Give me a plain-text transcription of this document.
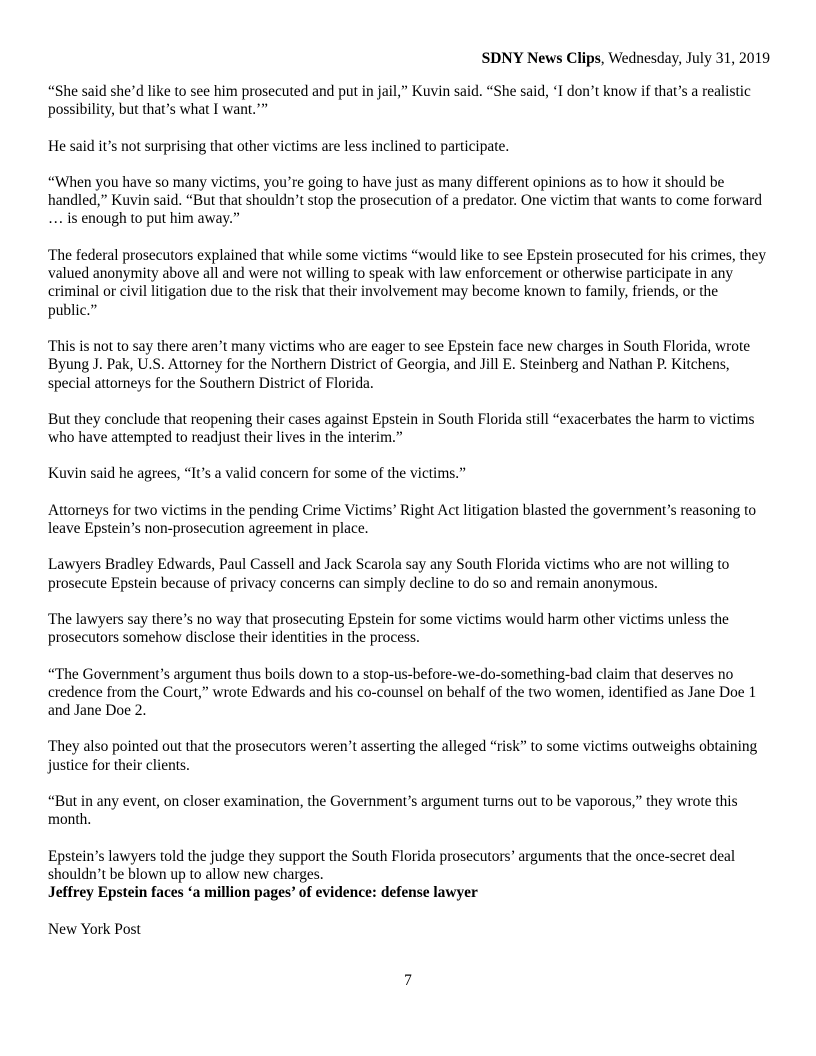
SDNY News Clips, Wednesday, July 31, 2019

“She said she’d like to see him prosecuted and put in jail,” Kuvin said. “She said, ‘I don’t know if that’s a realistic possibility, but that’s what I want.’”

He said it’s not surprising that other victims are less inclined to participate.

“When you have so many victims, you’re going to have just as many different opinions as to how it should be handled,” Kuvin said. “But that shouldn’t stop the prosecution of a predator. One victim that wants to come forward … is enough to put him away.”

The federal prosecutors explained that while some victims “would like to see Epstein prosecuted for his crimes, they valued anonymity above all and were not willing to speak with law enforcement or otherwise participate in any criminal or civil litigation due to the risk that their involvement may become known to family, friends, or the public.”

This is not to say there aren’t many victims who are eager to see Epstein face new charges in South Florida, wrote Byung J. Pak, U.S. Attorney for the Northern District of Georgia, and Jill E. Steinberg and Nathan P. Kitchens, special attorneys for the Southern District of Florida.

But they conclude that reopening their cases against Epstein in South Florida still “exacerbates the harm to victims who have attempted to readjust their lives in the interim.”

Kuvin said he agrees, “It’s a valid concern for some of the victims.”

Attorneys for two victims in the pending Crime Victims’ Right Act litigation blasted the government’s reasoning to leave Epstein’s non-prosecution agreement in place.

Lawyers Bradley Edwards, Paul Cassell and Jack Scarola say any South Florida victims who are not willing to prosecute Epstein because of privacy concerns can simply decline to do so and remain anonymous.

The lawyers say there’s no way that prosecuting Epstein for some victims would harm other victims unless the prosecutors somehow disclose their identities in the process.

“The Government’s argument thus boils down to a stop-us-before-we-do-something-bad claim that deserves no credence from the Court,” wrote Edwards and his co-counsel on behalf of the two women, identified as Jane Doe 1 and Jane Doe 2.

They also pointed out that the prosecutors weren’t asserting the alleged “risk” to some victims outweighs obtaining justice for their clients.

“But in any event, on closer examination, the Government’s argument turns out to be vaporous,” they wrote this month.

Epstein’s lawyers told the judge they support the South Florida prosecutors’ arguments that the once-secret deal shouldn’t be blown up to allow new charges.

Jeffrey Epstein faces ‘a million pages’ of evidence: defense lawyer

New York Post

7
